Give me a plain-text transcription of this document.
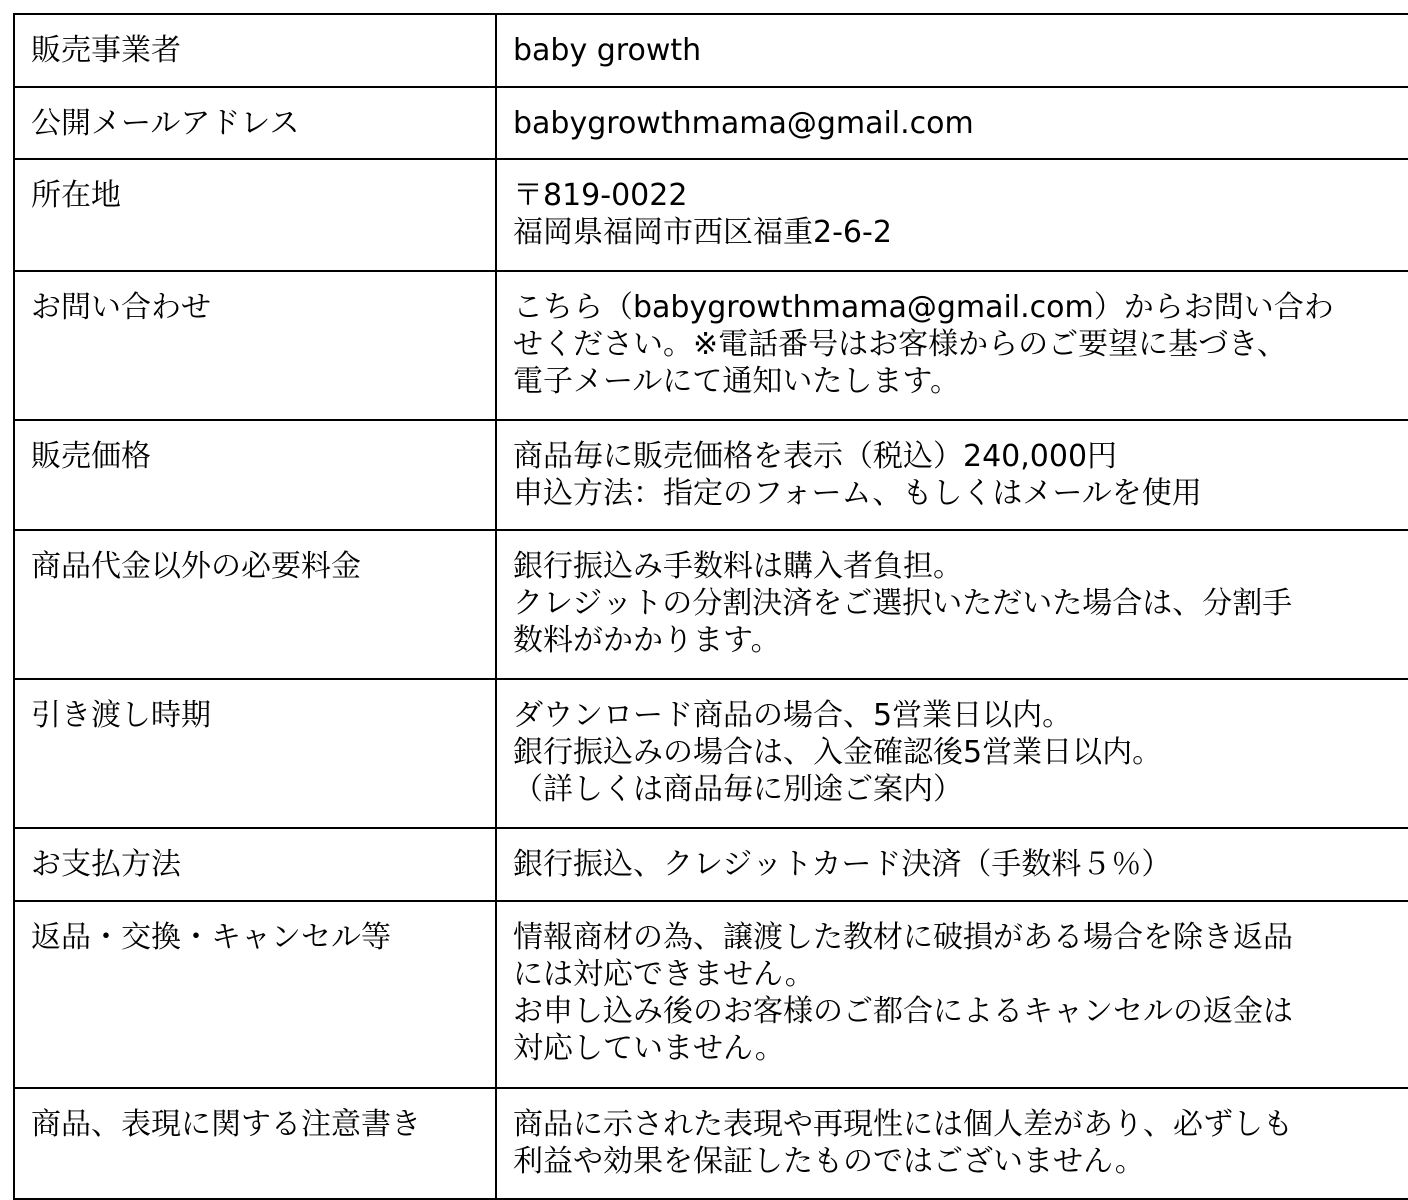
販売事業者	baby growth

公開メールアドレス	babygrowthmama@gmail.com

所在地	〒819-0022
福岡県福岡市西区福重2-6-2

お問い合わせ	こちら（babygrowthmama@gmail.com）からお問い合わ
せください。※電話番号はお客様からのご要望に基づき、
電子メールにて通知いたします。

販売価格	商品毎に販売価格を表示（税込）240,000円
申込方法：指定のフォーム、もしくはメールを使用

商品代金以外の必要料金	銀行振込み手数料は購入者負担。
クレジットの分割決済をご選択いただいた場合は、分割手
数料がかかります。

引き渡し時期	ダウンロード商品の場合、5営業日以内。
銀行振込みの場合は、入金確認後5営業日以内。
（詳しくは商品毎に別途ご案内）

お支払方法	銀行振込、クレジットカード決済（手数料５％）

返品・交換・キャンセル等	情報商材の為、譲渡した教材に破損がある場合を除き返品
には対応できません。
お申し込み後のお客様のご都合によるキャンセルの返金は
対応していません。

商品、表現に関する注意書き	商品に示された表現や再現性には個人差があり、必ずしも
利益や効果を保証したものではございません。
